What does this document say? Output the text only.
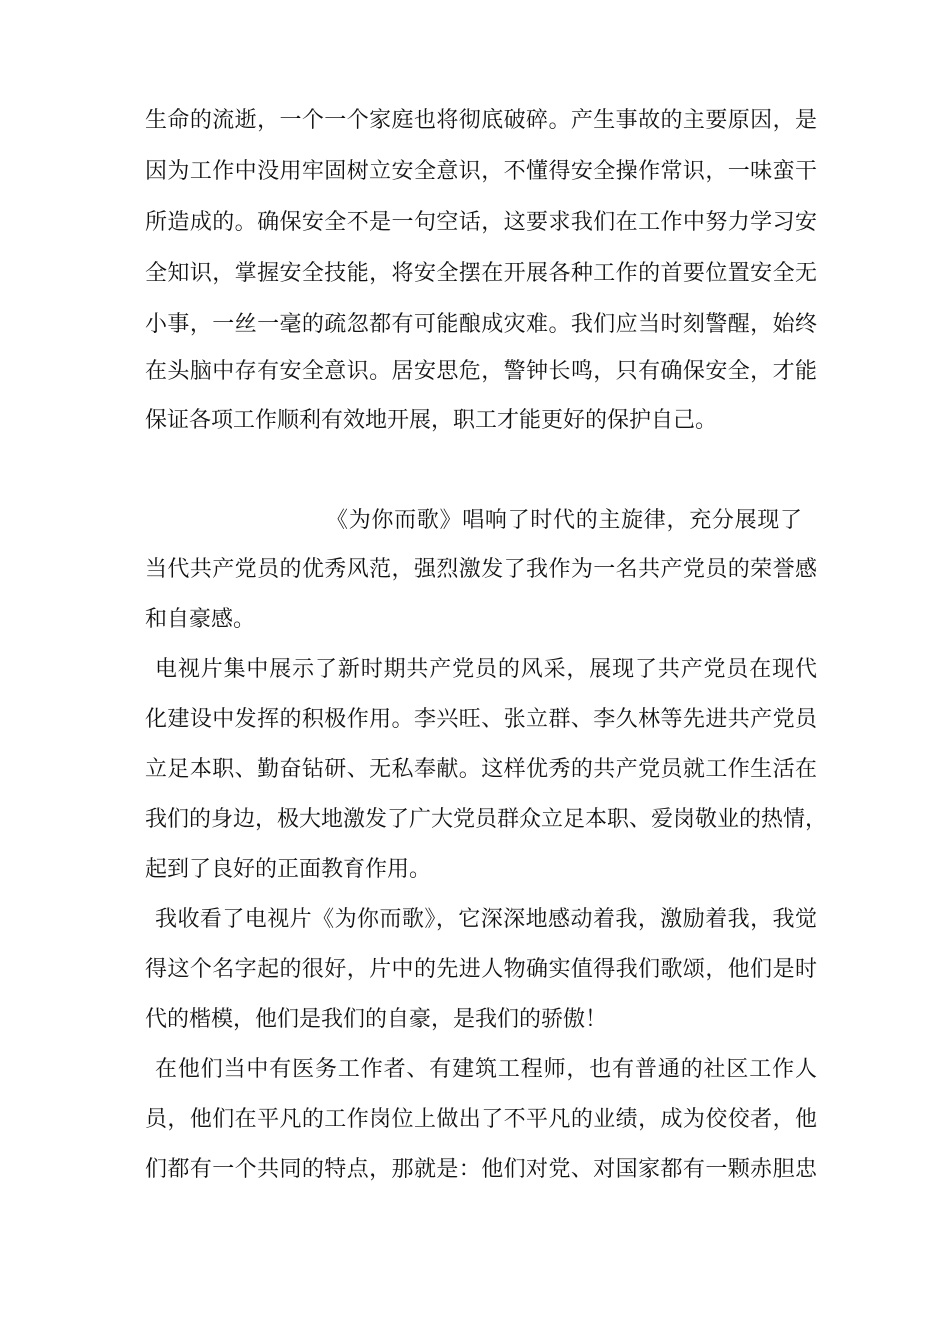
生命的流逝，一个一个家庭也将彻底破碎。产生事故的主要原因，是
因为工作中没用牢固树立安全意识，不懂得安全操作常识，一味蛮干
所造成的。确保安全不是一句空话，这要求我们在工作中努力学习安
全知识，掌握安全技能，将安全摆在开展各种工作的首要位置安全无
小事，一丝一毫的疏忽都有可能酿成灾难。我们应当时刻警醒，始终
在头脑中存有安全意识。居安思危，警钟长鸣，只有确保安全，才能
保证各项工作顺利有效地开展，职工才能更好的保护自己。
《为你而歌》唱响了时代的主旋律，充分展现了
当代共产党员的优秀风范，强烈激发了我作为一名共产党员的荣誉感
和自豪感。
电视片集中展示了新时期共产党员的风采，展现了共产党员在现代
化建设中发挥的积极作用。李兴旺、张立群、李久林等先进共产党员
立足本职、勤奋钻研、无私奉献。这样优秀的共产党员就工作生活在
我们的身边，极大地激发了广大党员群众立足本职、爱岗敬业的热情，
起到了良好的正面教育作用。
我收看了电视片《为你而歌》，它深深地感动着我，激励着我，我觉
得这个名字起的很好，片中的先进人物确实值得我们歌颂，他们是时
代的楷模，他们是我们的自豪，是我们的骄傲！
在他们当中有医务工作者、有建筑工程师，也有普通的社区工作人
员，他们在平凡的工作岗位上做出了不平凡的业绩，成为佼佼者，他
们都有一个共同的特点，那就是：他们对党、对国家都有一颗赤胆忠
